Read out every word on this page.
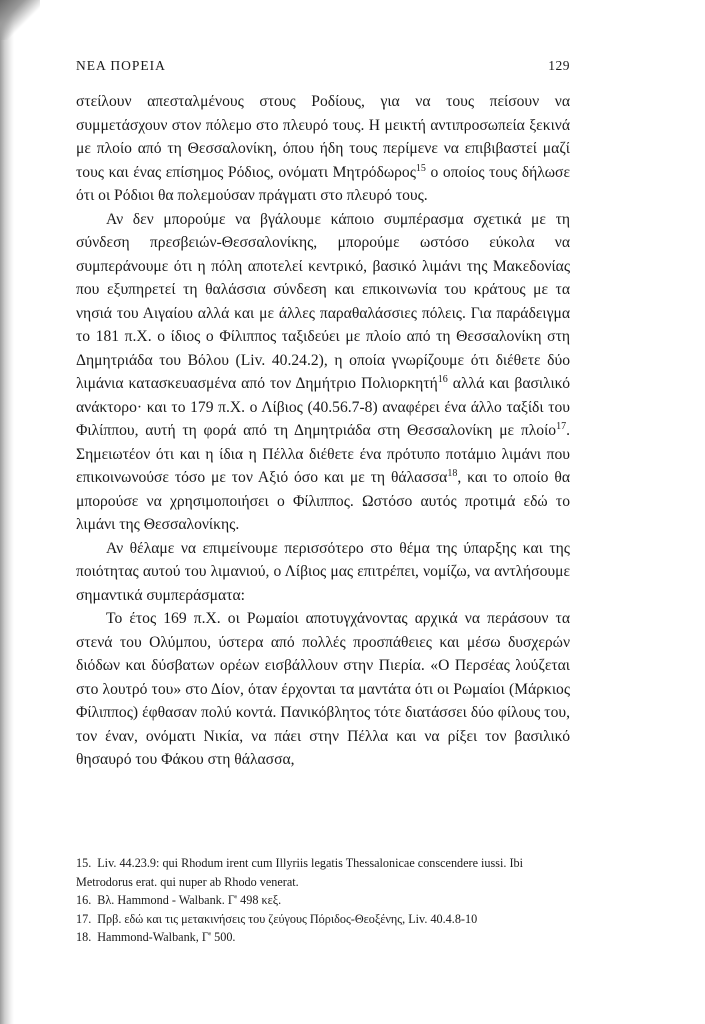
ΝΕΑ ΠΟΡΕΙΑ	129

στείλουν απεσταλμένους στους Ροδίους, για να τους πείσουν να συμμετάσχουν στον πόλεμο στο πλευρό τους. Η μεικτή αντιπροσωπεία ξεκινά με πλοίο από τη Θεσσαλονίκη, όπου ήδη τους περίμενε να επιβιβαστεί μαζί τους και ένας επίσημος Ρόδιος, ονόματι Μητρόδωρος$^{15}$ ο οποίος τους δήλωσε ότι οι Ρόδιοι θα πολεμούσαν πράγματι στο πλευρό τους.

Αν δεν μπορούμε να βγάλουμε κάποιο συμπέρασμα σχετικά με τη σύνδεση πρεσβειών-Θεσσαλονίκης, μπορούμε ωστόσο εύκολα να συμπεράνουμε ότι η πόλη αποτελεί κεντρικό, βασικό λιμάνι της Μακεδονίας που εξυπηρετεί τη θαλάσσια σύνδεση και επικοινωνία του κράτους με τα νησιά του Αιγαίου αλλά και με άλλες παραθαλάσσιες πόλεις. Για παράδειγμα το 181 π.Χ. ο ίδιος ο Φίλιππος ταξιδεύει με πλοίο από τη Θεσσαλονίκη στη Δημητριάδα του Βόλου (Liv. 40.24.2), η οποία γνωρίζουμε ότι διέθετε δύο λιμάνια κατασκευασμένα από τον Δημήτριο Πολιορκητή$^{16}$ αλλά και βασιλικό ανάκτορο· και το 179 π.Χ. ο Λίβιος (40.56.7-8) αναφέρει ένα άλλο ταξίδι του Φιλίππου, αυτή τη φορά από τη Δημητριάδα στη Θεσσαλονίκη με πλοίο$^{17}$. Σημειωτέον ότι και η ίδια η Πέλλα διέθετε ένα πρότυπο ποτάμιο λιμάνι που επικοινωνούσε τόσο με τον Αξιό όσο και με τη θάλασσα$^{18}$, και το οποίο θα μπορούσε να χρησιμοποιήσει ο Φίλιππος. Ωστόσο αυτός προτιμά εδώ το λιμάνι της Θεσσαλονίκης.

Αν θέλαμε να επιμείνουμε περισσότερο στο θέμα της ύπαρξης και της ποιότητας αυτού του λιμανιού, ο Λίβιος μας επιτρέπει, νομίζω, να αντλήσουμε σημαντικά συμπεράσματα:

Το έτος 169 π.Χ. οι Ρωμαίοι αποτυγχάνοντας αρχικά να περάσουν τα στενά του Ολύμπου, ύστερα από πολλές προσπάθειες και μέσω δυσχερών διόδων και δύσβατων ορέων εισβάλλουν στην Πιερία. «Ο Περσέας λούζεται στο λουτρό του» στο Δίον, όταν έρχονται τα μαντάτα ότι οι Ρωμαίοι (Μάρκιος Φίλιππος) έφθασαν πολύ κοντά. Πανικόβλητος τότε διατάσσει δύο φίλους του, τον έναν, ονόματι Νικία, να πάει στην Πέλλα και να ρίξει τον βασιλικό θησαυρό του Φάκου στη θάλασσα,

15. Liv. 44.23.9: qui Rhodum irent cum Illyriis legatis Thessalonicae conscendere iussi. Ibi Metrodorus erat. qui nuper ab Rhodo venerat.

16. Βλ. Hammond - Walbank. Γ' 498 κεξ.

17. Πρβ. εδώ και τις μετακινήσεις του ζεύγους Πόριδος-Θεοξένης, Liv. 40.4.8-10

18. Hammond-Walbank, Γ' 500.
